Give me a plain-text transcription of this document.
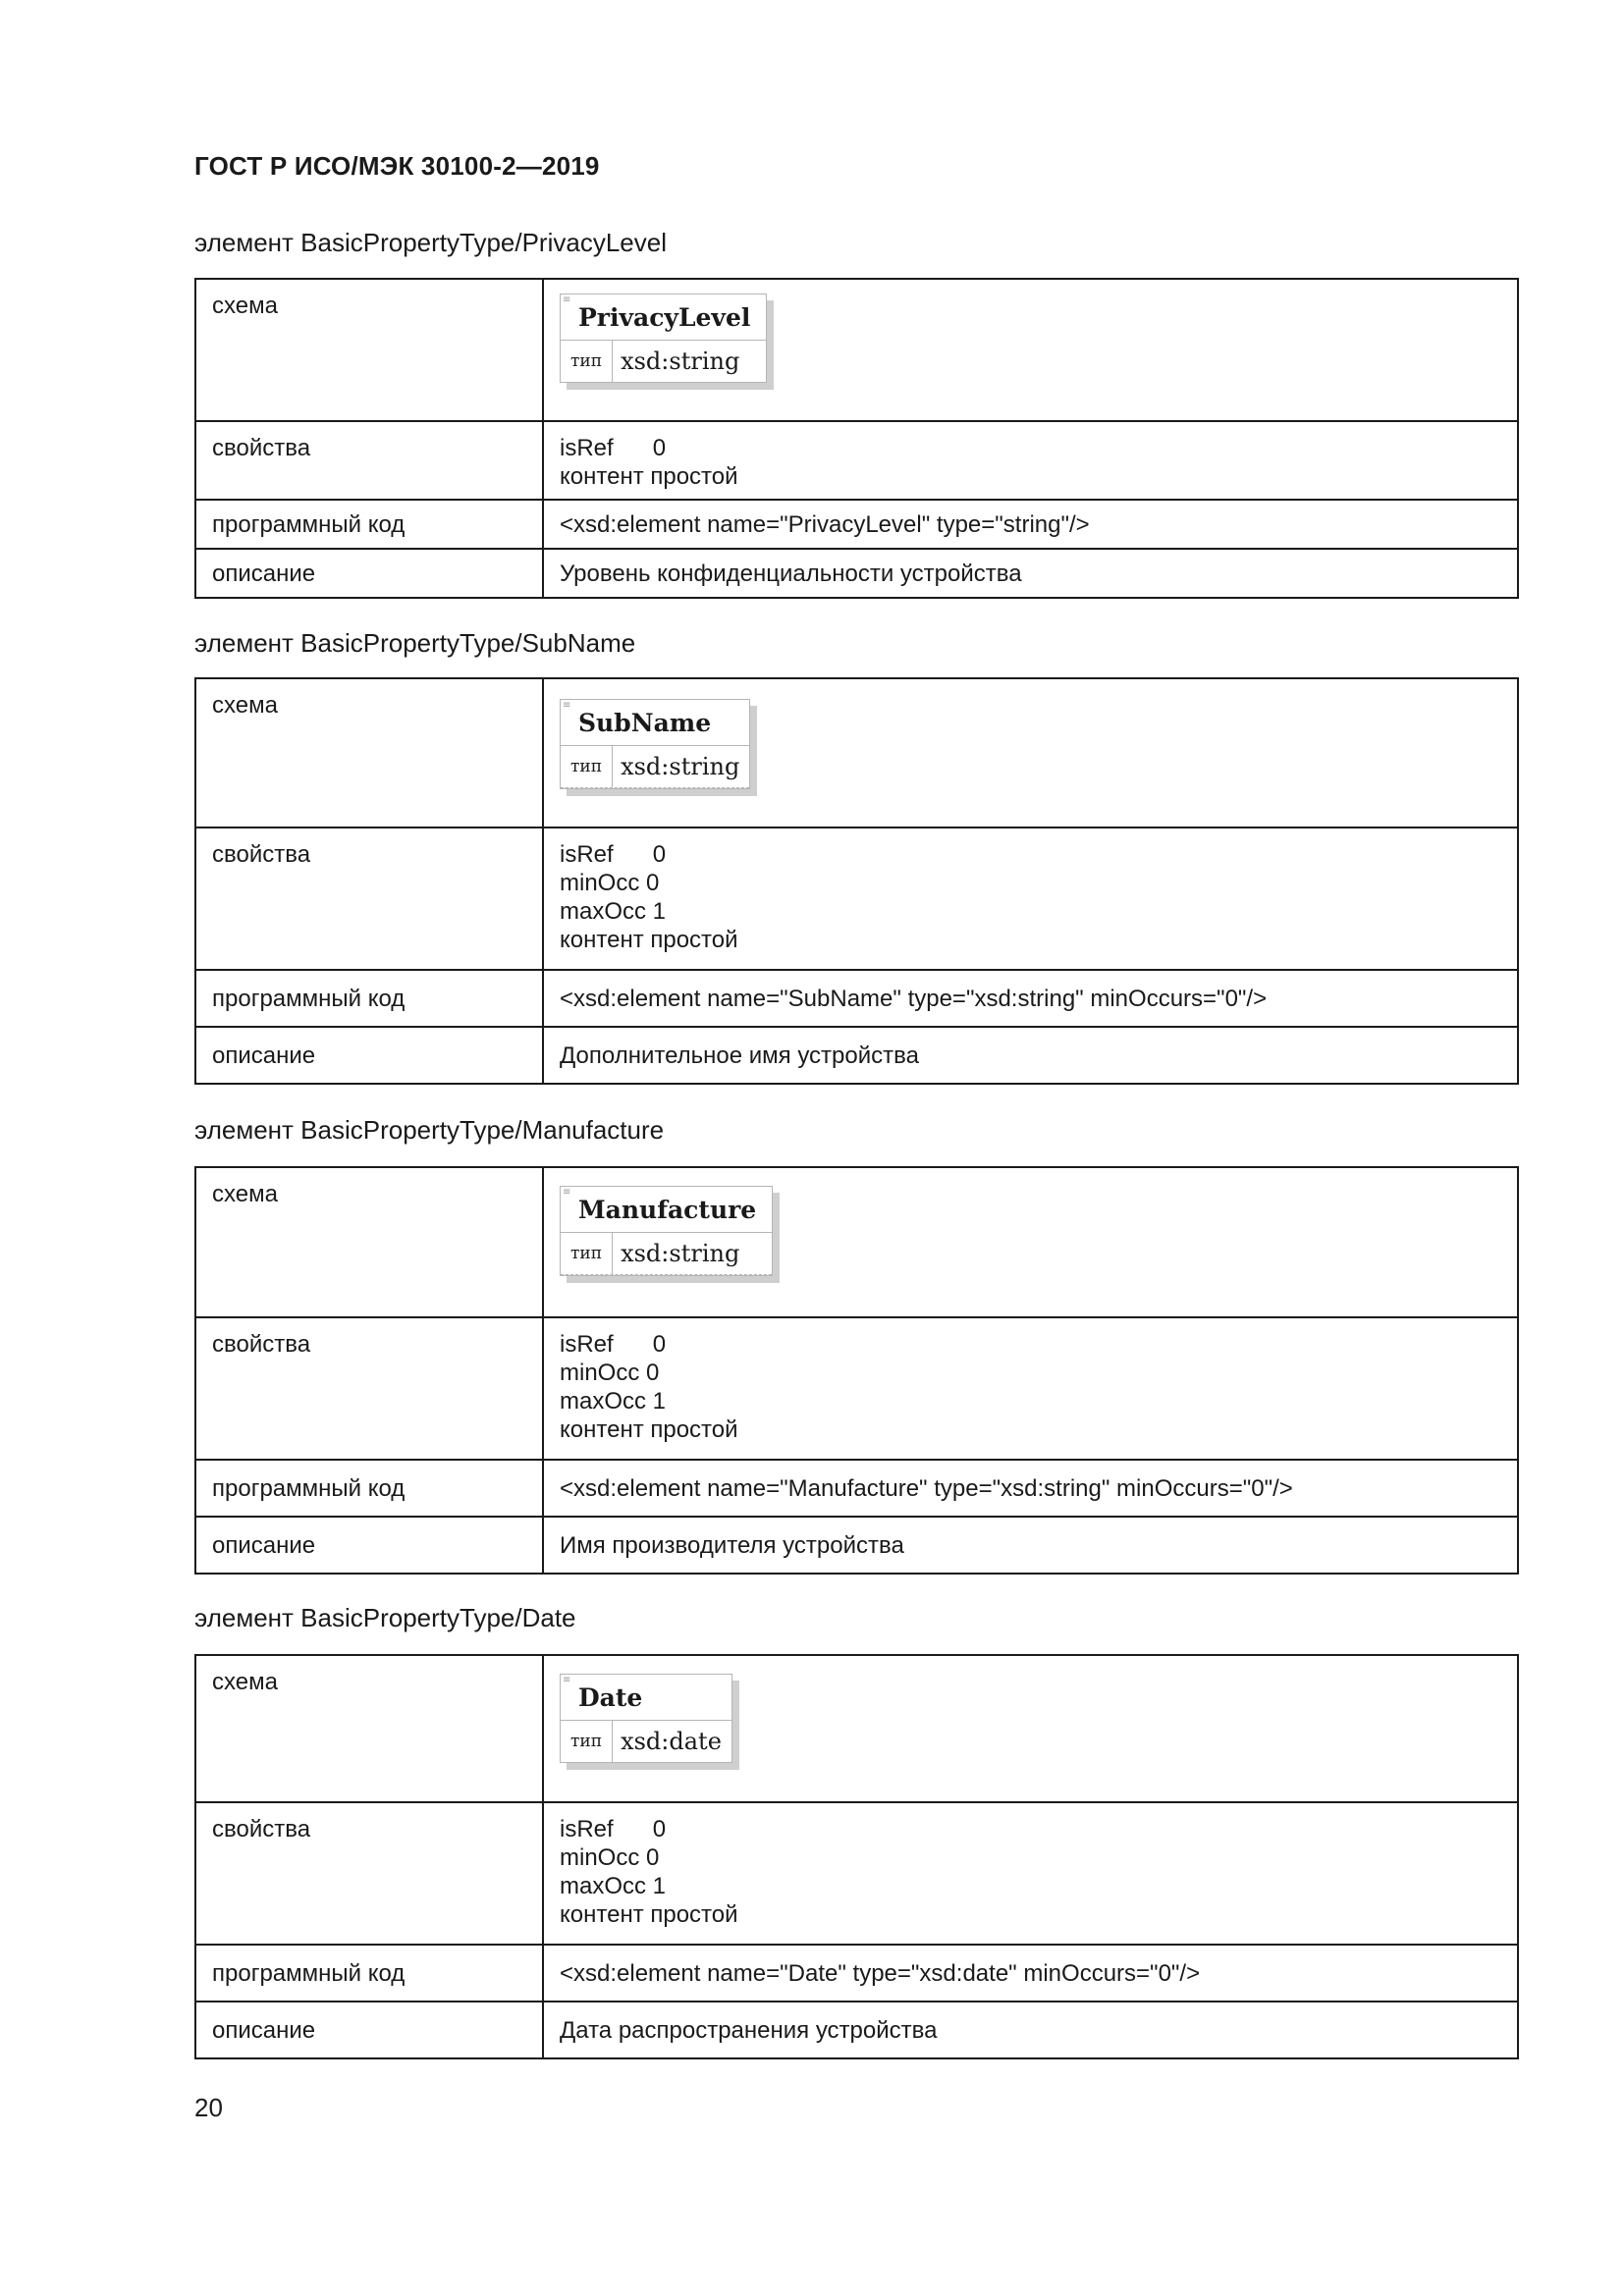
ГОСТ Р ИСО/МЭК 30100-2—2019
элемент BasicPropertyType/PrivacyLevel
схема	≡
PrivacyLevel
тип xsd:string

свойства	isRef      0
контент простой

программный код	<xsd:element name="PrivacyLevel" type="string"/>
описание	Уровень конфиденциальности устройства
элемент BasicPropertyType/SubName
схема	≡
SubName
тип xsd:string

свойства	isRef      0
minOcc 0
maxOcc 1
контент простой

программный код	<xsd:element name="SubName" type="xsd:string" minOccurs="0"/>
описание	Дополнительное имя устройства
элемент BasicPropertyType/Manufacture
схема	≡
Manufacture
тип xsd:string

свойства	isRef      0
minOcc 0
maxOcc 1
контент простой

программный код	<xsd:element name="Manufacture" type="xsd:string" minOccurs="0"/>
описание	Имя производителя устройства
элемент BasicPropertyType/Date
схема	≡
Date
тип xsd:date

свойства	isRef      0
minOcc 0
maxOcc 1
контент простой

программный код	<xsd:element name="Date" type="xsd:date" minOccurs="0"/>
описание	Дата распространения устройства
20
